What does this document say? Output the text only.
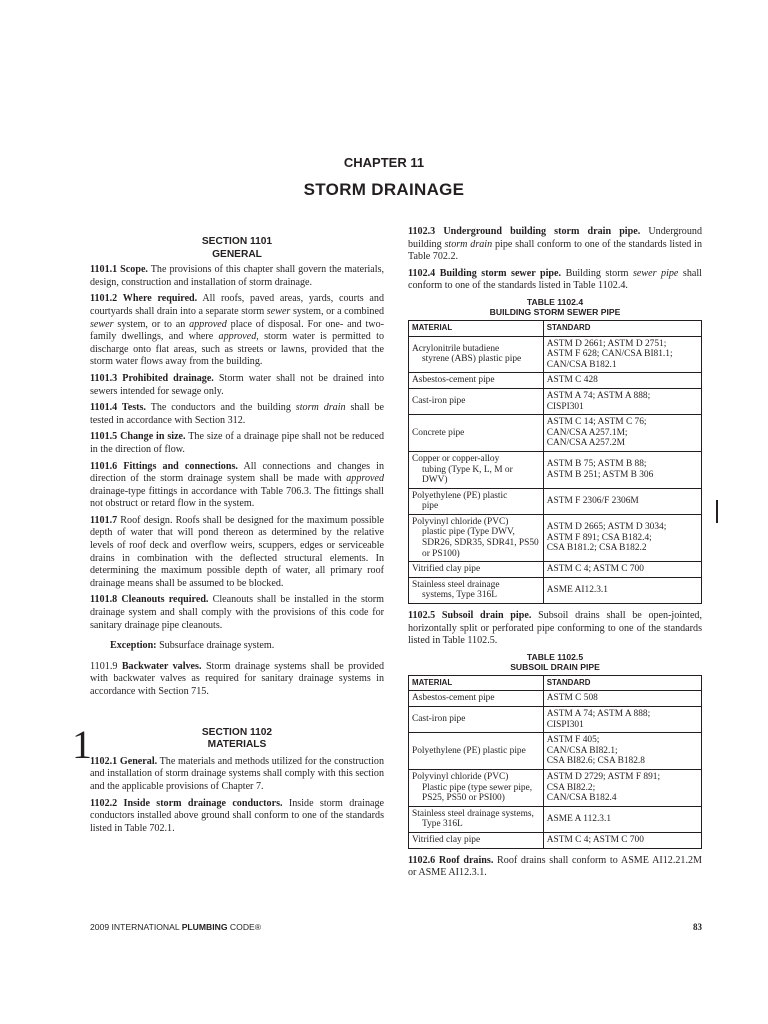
CHAPTER 11
STORM DRAINAGE

SECTION 1101

GENERAL

1101.1 Scope. The provisions of this chapter shall govern the materials, design, construction and installation of storm drainage.

1101.2 Where required. All roofs, paved areas, yards, courts and courtyards shall drain into a separate storm sewer system, or a combined sewer system, or to an approved place of disposal. For one- and two-family dwellings, and where approved, storm water is permitted to discharge onto flat areas, such as streets or lawns, provided that the storm water flows away from the building.

1101.3 Prohibited drainage. Storm water shall not be drained into sewers intended for sewage only.

1101.4 Tests. The conductors and the building storm drain shall be tested in accordance with Section 312.

1101.5 Change in size. The size of a drainage pipe shall not be reduced in the direction of flow.

1101.6 Fittings and connections. All connections and changes in direction of the storm drainage system shall be made with approved drainage-type fittings in accordance with Table 706.3. The fittings shall not obstruct or retard flow in the system.

1101.7 Roof design. Roofs shall be designed for the maximum possible depth of water that will pond thereon as determined by the relative levels of roof deck and overflow weirs, scuppers, edges or serviceable drains in combination with the deflected structural elements. In determining the maximum possible depth of water, all primary roof drainage means shall be assumed to be blocked.

1101.8 Cleanouts required. Cleanouts shall be installed in the storm drainage system and shall comply with the provisions of this code for sanitary drainage pipe cleanouts.

Exception: Subsurface drainage system.

1101.9 Backwater valves. Storm drainage systems shall be provided with backwater valves as required for sanitary drainage systems in accordance with Section 715.

SECTION 1102

MATERIALS

1102.1 General. The materials and methods utilized for the construction and installation of storm drainage systems shall comply with this section and the applicable provisions of Chapter 7.

1102.2 Inside storm drainage conductors. Inside storm drainage conductors installed above ground shall conform to one of the standards listed in Table 702.1.

1

1102.3 Underground building storm drain pipe. Underground building storm drain pipe shall conform to one of the standards listed in Table 702.2.

1102.4 Building storm sewer pipe. Building storm sewer pipe shall conform to one of the standards listed in Table 1102.4.

TABLE 1102.4

BUILDING STORM SEWER PIPE

MATERIAL	STANDARD

Acrylonitrile butadiene
styrene (ABS) plastic pipe	ASTM D 2661; ASTM D 2751;
ASTM F 628; CAN/CSA BI81.1;
CAN/CSA B182.1

Asbestos-cement pipe	ASTM C 428

Cast-iron pipe	ASTM A 74; ASTM A 888;
CISPI301

Concrete pipe	ASTM C 14; ASTM C 76;
CAN/CSA A257.1M;
CAN/CSA A257.2M

Copper or copper-alloy
tubing (Type K, L, M or DWV)	ASTM B 75; ASTM B 88;
ASTM B 251; ASTM B 306

Polyethylene (PE) plastic
pipe	ASTM F 2306/F 2306M

Polyvinyl chloride (PVC)
plastic pipe (Type DWV, SDR26, SDR35, SDR41, PS50 or PS100)	ASTM D 2665; ASTM D 3034;
ASTM F 891; CSA B182.4;
CSA B181.2; CSA B182.2

Vitrified clay pipe	ASTM C 4; ASTM C 700

Stainless steel drainage
systems, Type 316L	ASME AI12.3.1

1102.5 Subsoil drain pipe. Subsoil drains shall be open-jointed, horizontally split or perforated pipe conforming to one of the standards listed in Table 1102.5.

TABLE 1102.5

SUBSOIL DRAIN PIPE

MATERIAL	STANDARD

Asbestos-cement pipe	ASTM C 508

Cast-iron pipe	ASTM A 74; ASTM A 888;
CISPI301

Polyethylene (PE) plastic pipe	ASTM F 405;
CAN/CSA BI82.1;
CSA BI82.6; CSA B182.8

Polyvinyl chloride (PVC)
Plastic pipe (type sewer pipe, PS25, PS50 or PSI00)	ASTM D 2729; ASTM F 891;
CSA BI82.2;
CAN/CSA B182.4

Stainless steel drainage systems,
Type 316L	ASME A 112.3.1

Vitrified clay pipe	ASTM C 4; ASTM C 700

1102.6 Roof drains. Roof drains shall conform to ASME AI12.21.2M or ASME AI12.3.1.

2009 INTERNATIONAL PLUMBING CODE®	83
